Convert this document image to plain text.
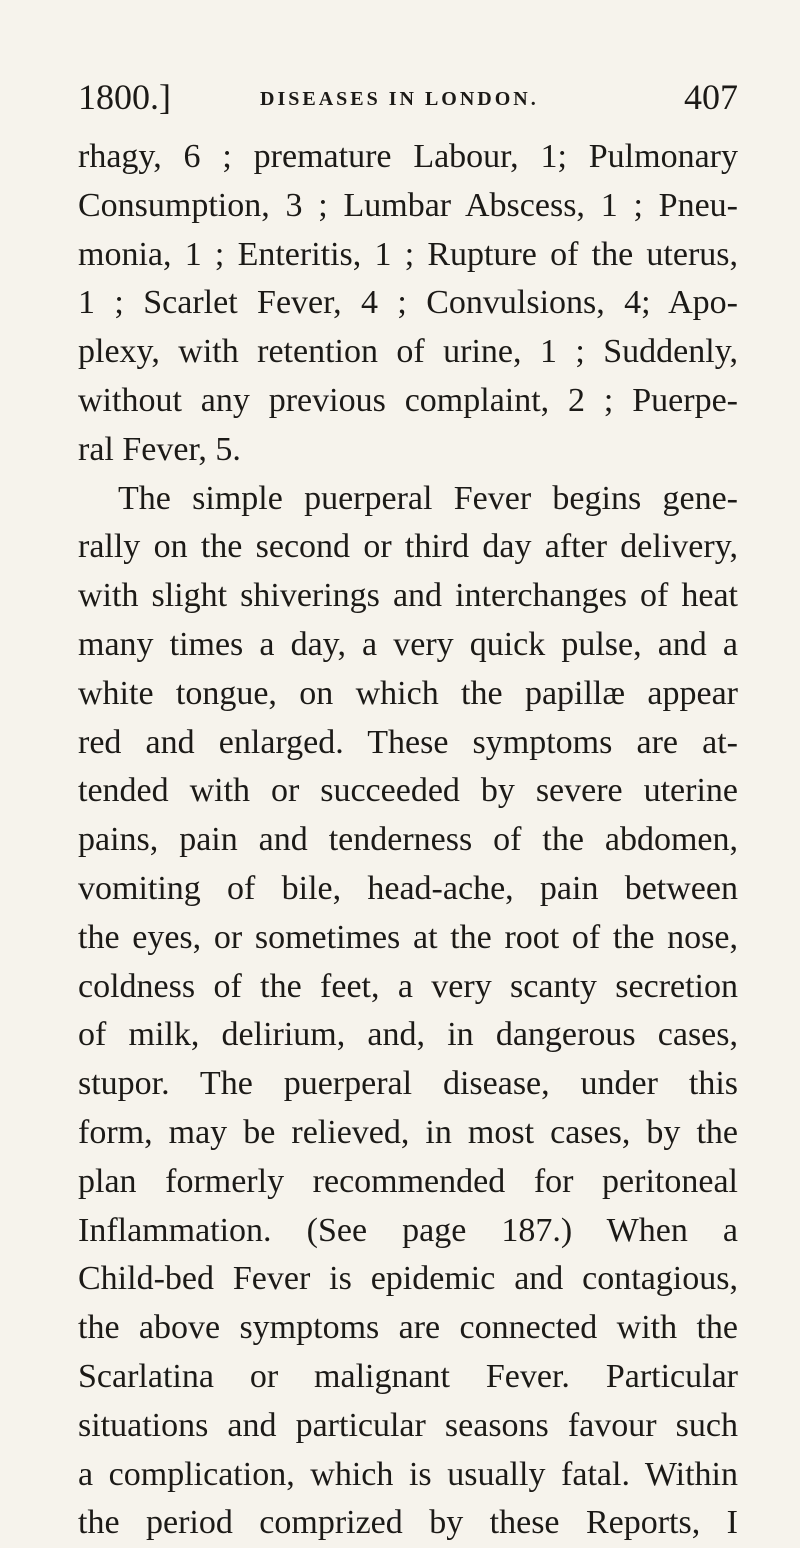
1800.]	DISEASES IN LONDON.	407
rhagy, 6 ; premature Labour, 1; Pulmonary
Consumption, 3 ; Lumbar Abscess, 1 ; Pneu-
monia, 1 ; Enteritis, 1 ; Rupture of the uterus,
1 ; Scarlet Fever, 4 ; Convulsions, 4; Apo-
plexy, with retention of urine, 1 ; Suddenly,
without any previous complaint, 2 ; Puerpe-
ral Fever, 5.
The simple puerperal Fever begins gene-
rally on the second or third day after delivery,
with slight shiverings and interchanges of heat
many times a day, a very quick pulse, and a
white tongue, on which the papillæ appear
red and enlarged. These symptoms are at-
tended with or succeeded by severe uterine
pains, pain and tenderness of the abdomen,
vomiting of bile, head-ache, pain between
the eyes, or sometimes at the root of the nose,
coldness of the feet, a very scanty secretion
of milk, delirium, and, in dangerous cases,
stupor. The puerperal disease, under this
form, may be relieved, in most cases, by the
plan formerly recommended for peritoneal
Inflammation. (See page 187.) When a
Child-bed Fever is epidemic and contagious,
the above symptoms are connected with the
Scarlatina or malignant Fever. Particular
situations and particular seasons favour such
a complication, which is usually fatal. Within
the period comprized by these Reports, I
